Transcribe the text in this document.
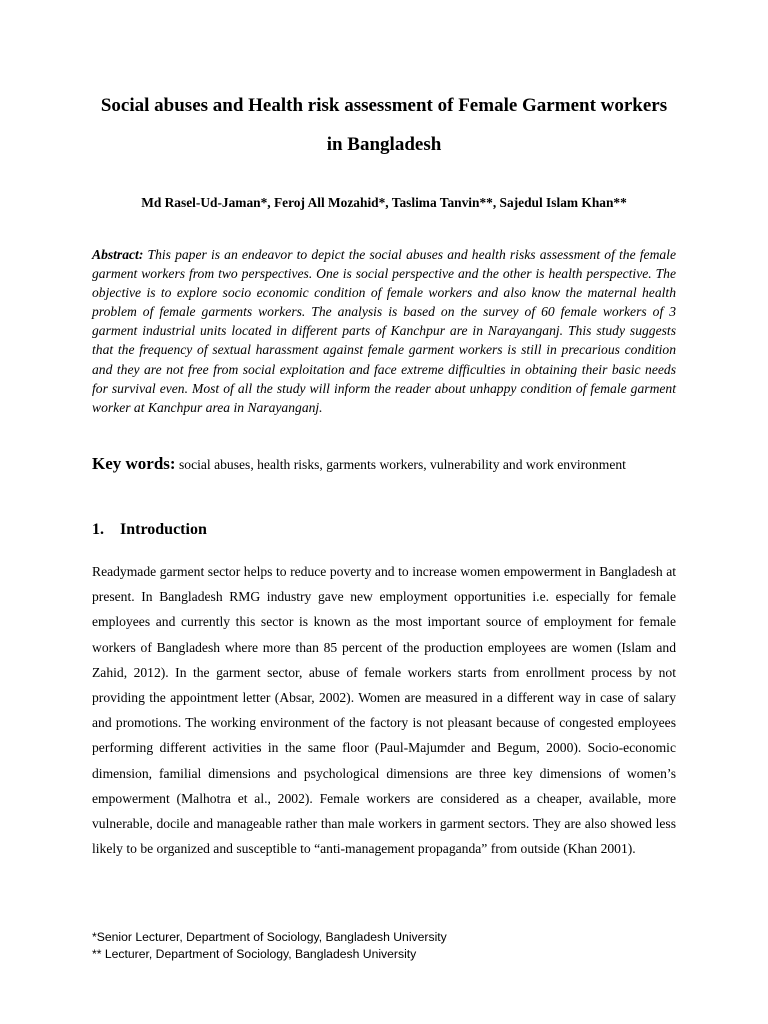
Social abuses and Health risk assessment of Female Garment workers in Bangladesh

Md Rasel-Ud-Jaman*, Feroj All Mozahid*, Taslima Tanvin**, Sajedul Islam Khan**

Abstract: This paper is an endeavor to depict the social abuses and health risks assessment of the female garment workers from two perspectives. One is social perspective and the other is health perspective. The objective is to explore socio economic condition of female workers and also know the maternal health problem of female garments workers. The analysis is based on the survey of 60 female workers of 3 garment industrial units located in different parts of Kanchpur are in Narayanganj. This study suggests that the frequency of sextual harassment against female garment workers is still in precarious condition and they are not free from social exploitation and face extreme difficulties in obtaining their basic needs for survival even. Most of all the study will inform the reader about unhappy condition of female garment worker at Kanchpur area in Narayanganj.

Key words: social abuses, health risks, garments workers, vulnerability and work environment

1. Introduction

Readymade garment sector helps to reduce poverty and to increase women empowerment in Bangladesh at present. In Bangladesh RMG industry gave new employment opportunities i.e. especially for female employees and currently this sector is known as the most important source of employment for female workers of Bangladesh where more than 85 percent of the production employees are women (Islam and Zahid, 2012). In the garment sector, abuse of female workers starts from enrollment process by not providing the appointment letter (Absar, 2002). Women are measured in a different way in case of salary and promotions. The working environment of the factory is not pleasant because of congested employees performing different activities in the same floor (Paul-Majumder and Begum, 2000). Socio-economic dimension, familial dimensions and psychological dimensions are three key dimensions of women’s empowerment (Malhotra et al., 2002). Female workers are considered as a cheaper, available, more vulnerable, docile and manageable rather than male workers in garment sectors. They are also showed less likely to be organized and susceptible to “anti-management propaganda” from outside (Khan 2001).

*Senior Lecturer, Department of Sociology, Bangladesh University
** Lecturer, Department of Sociology, Bangladesh University
